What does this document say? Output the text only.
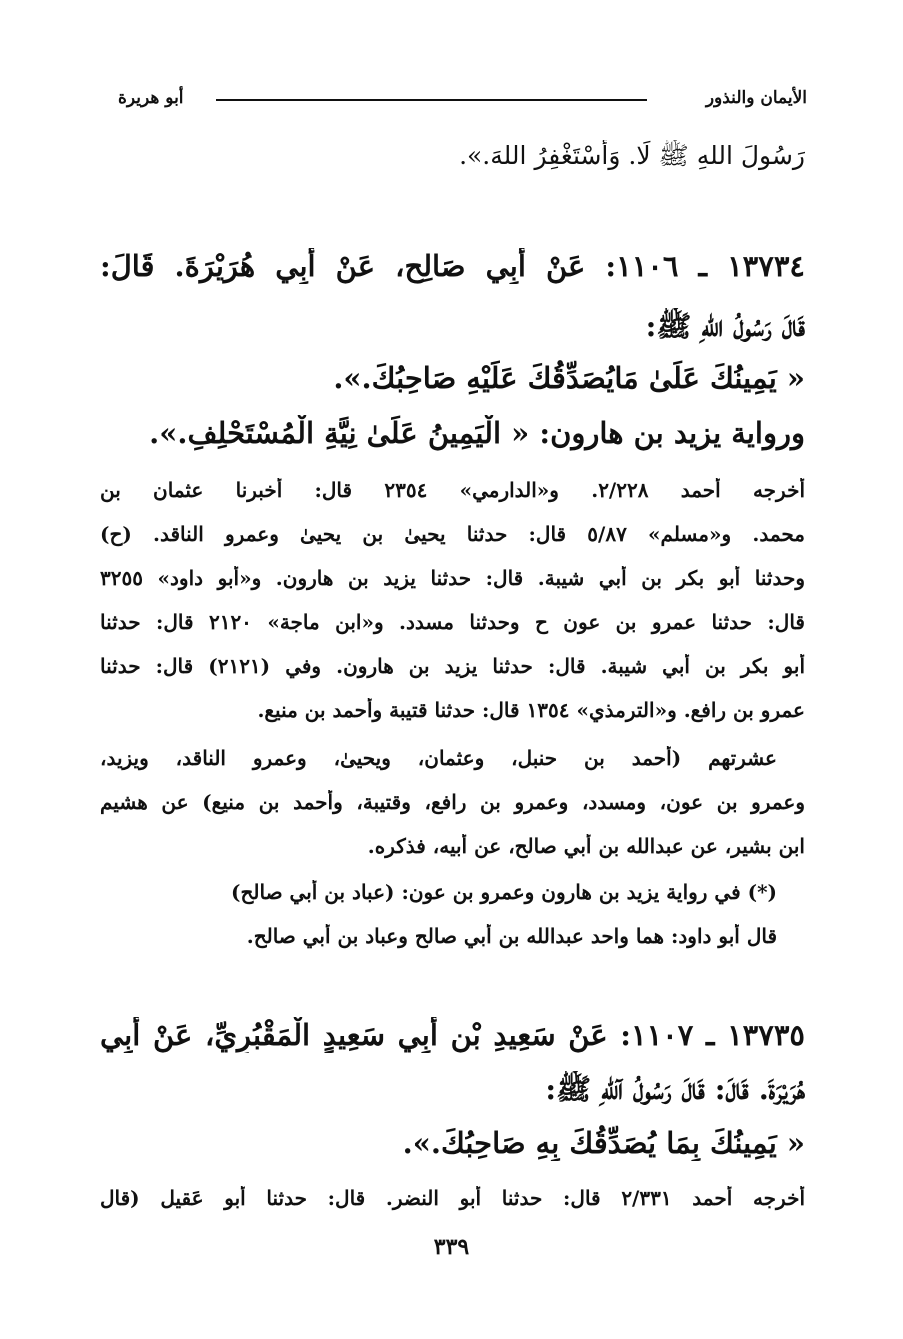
الأيمان والنذور
أبو هريرة
رَسُولَ اللهِ ﷺ لَا. وَأَسْتَغْفِرُ اللهَ.».
١٣٧٣٤ ـ ١١٠٦: عَنْ أَبِي صَالِحٍ، عَنْ أَبِي هُرَيْرَةَ. قَالَ:
قَالَ رَسُولُ اللهِ ﷺ:
« يَمِينُكَ عَلَىٰ مَايُصَدِّقُكَ عَلَيْهِ صَاحِبُكَ.».
ورواية يزيد بن هارون: « الْيَمِينُ عَلَىٰ نِيَّةِ الْمُسْتَحْلِفِ.».
أخرجه أحمد ٢/٢٢٨. و«الدارمي» ٢٣٥٤ قال: أخبرنا عثمان بن
محمد. و«مسلم» ٥/٨٧ قال: حدثنا يحيىٰ بن يحيىٰ وعمرو الناقد. (ح)
وحدثنا أبو بكر بن أبي شيبة. قال: حدثنا يزيد بن هارون. و«أبو داود» ٣٢٥٥
قال: حدثنا عمرو بن عون ح وحدثنا مسدد. و«ابن ماجة» ٢١٢٠ قال: حدثنا
أبو بكر بن أبي شيبة. قال: حدثنا يزيد بن هارون. وفي (٢١٢١) قال: حدثنا
عمرو بن رافع. و«الترمذي» ١٣٥٤ قال: حدثنا قتيبة وأحمد بن منيع.
عشرتهم (أحمد بن حنبل، وعثمان، ويحيىٰ، وعمرو الناقد، ويزيد،
وعمرو بن عون، ومسدد، وعمرو بن رافع، وقتيبة، وأحمد بن منيع) عن هشيم
ابن بشير، عن عبدالله بن أبي صالح، عن أبيه، فذكره.
(*) في رواية يزيد بن هارون وعمرو بن عون: (عباد بن أبي صالح)
قال أبو داود: هما واحد عبدالله بن أبي صالح وعباد بن أبي صالح.
١٣٧٣٥ ـ ١١٠٧: عَنْ سَعِيدِ بْنِ أَبِي سَعِيدٍ الْمَقْبُرِيِّ، عَنْ أَبِي
هُرَيْرَةَ. قَالَ: قَالَ رَسُولُ آللهِ ﷺ:
« يَمِينُكَ بِمَا يُصَدِّقُكَ بِهِ صَاحِبُكَ.».
أخرجه أحمد ٢/٣٣١ قال: حدثنا أبو النضر. قال: حدثنا أبو عَقيل (قال
٣٣٩
